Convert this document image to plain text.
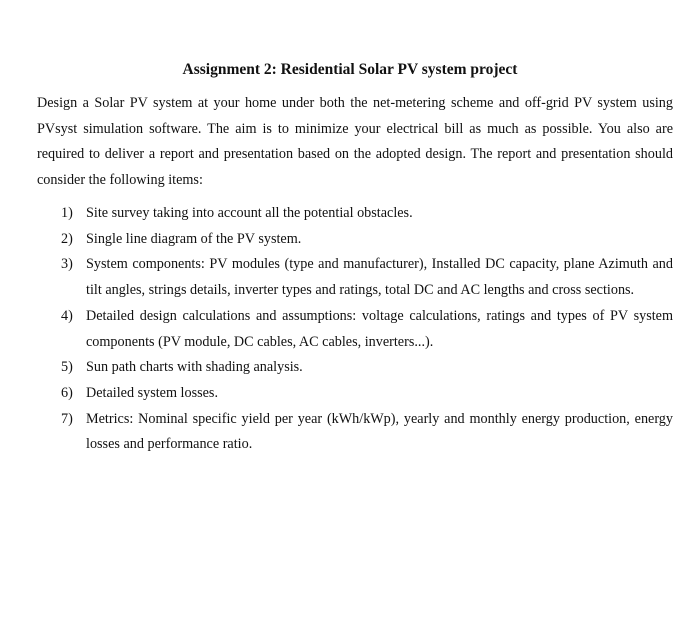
Assignment 2: Residential Solar PV system project

Design a Solar PV system at your home under both the net-metering scheme and off-grid PV system using PVsyst simulation software. The aim is to minimize your electrical bill as much as possible. You also are required to deliver a report and presentation based on the adopted design. The report and presentation should consider the following items:

1) Site survey taking into account all the potential obstacles.
2) Single line diagram of the PV system.
3) System components: PV modules (type and manufacturer), Installed DC capacity, plane Azimuth and tilt angles, strings details, inverter types and ratings, total DC and AC lengths and cross sections.
4) Detailed design calculations and assumptions: voltage calculations, ratings and types of PV system components (PV module, DC cables, AC cables, inverters...).
5) Sun path charts with shading analysis.
6) Detailed system losses.
7) Metrics: Nominal specific yield per year (kWh/kWp), yearly and monthly energy production, energy losses and performance ratio.
